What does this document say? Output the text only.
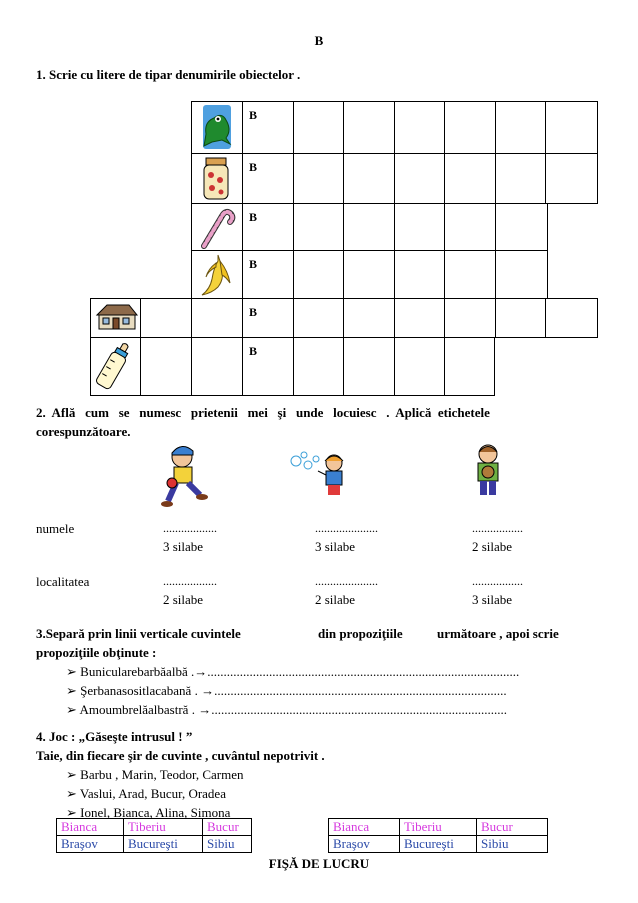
B
1. Scrie cu litere de tipar denumirile obiectelor .
B
B
B
B
B
B
2.  Află   cum   se   numesc   prietenii   mei   şi   unde   locuiesc   .  Aplică  etichetele
corespunzătoare.
numele	..................	.....................	.................
3 silabe	3 silabe	2 silabe
localitatea	..................	.....................	.................
2 silabe	2 silabe	3 silabe
3.Separă prin linii verticale cuvintele	din propoziţiile	următoare , apoi scrie
propoziţiile obţinute :
➢ Bunicularebarbăalbă .→................................................................................................
➢ Şerbanasositlacabană . →..........................................................................................
➢ Amoumbrelăalbastră . →...........................................................................................
4. Joc : „Găseşte intrusul ! ”
Taie, din fiecare şir de cuvinte , cuvântul nepotrivit .
➢ Barbu , Marin, Teodor, Carmen
➢ Vaslui, Arad, Bucur, Oradea
➢ Ionel, Bianca, Alina, Simona
Bianca	Tiberiu	Bucur
Braşov	Bucureşti	Sibiu
Bianca	Tiberiu	Bucur
Braşov	Bucureşti	Sibiu
FIŞĂ DE LUCRU
